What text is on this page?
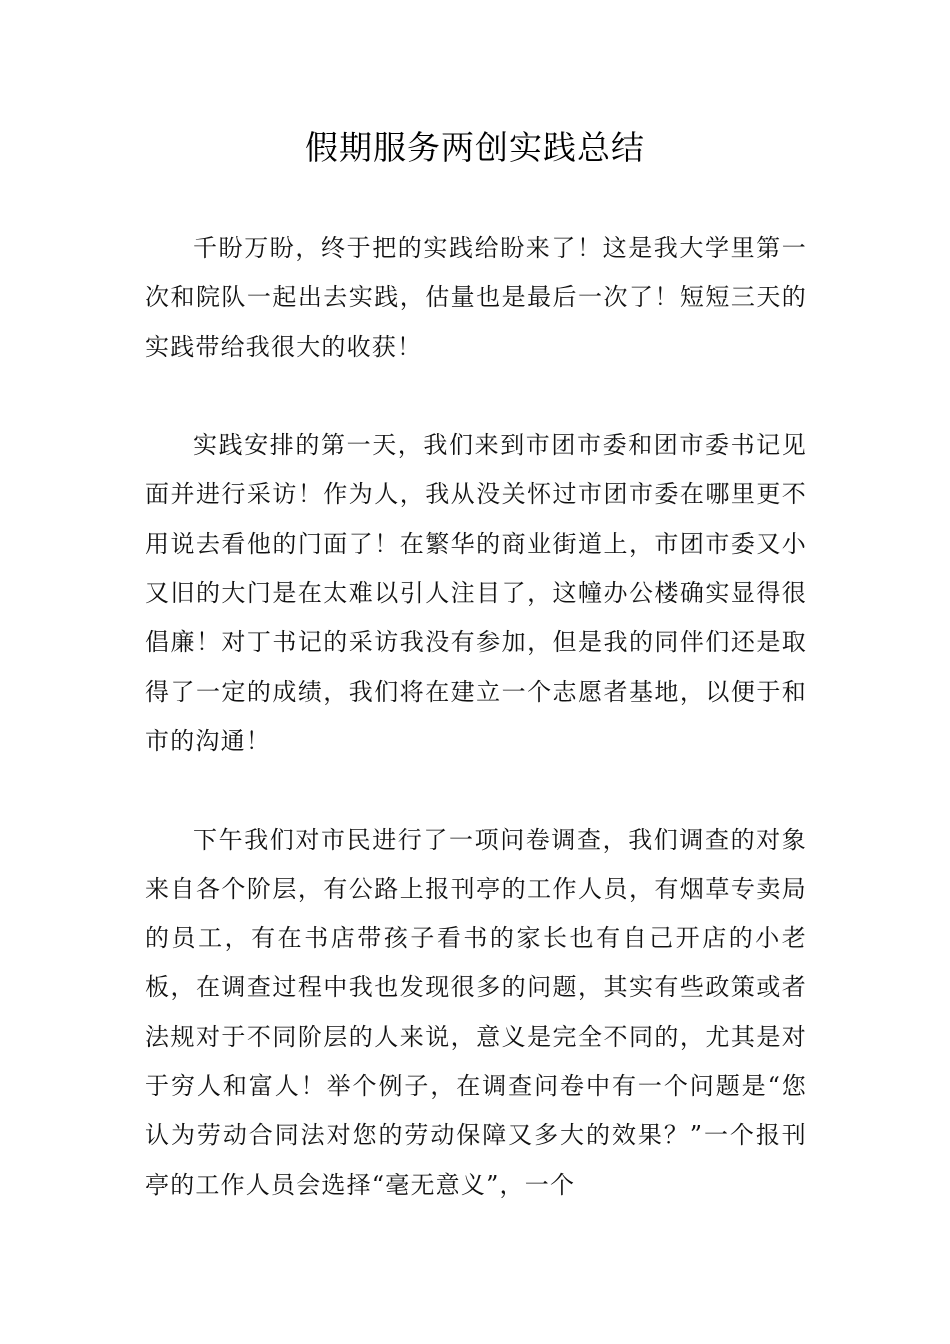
假期服务两创实践总结

千盼万盼，终于把的实践给盼来了！这是我大学里第一次和院队一起出去实践，估量也是最后一次了！短短三天的实践带给我很大的收获！

实践安排的第一天，我们来到市团市委和团市委书记见面并进行采访！作为人，我从没关怀过市团市委在哪里更不用说去看他的门面了！在繁华的商业街道上，市团市委又小又旧的大门是在太难以引人注目了，这幢办公楼确实显得很倡廉！对丁书记的采访我没有参加，但是我的同伴们还是取得了一定的成绩，我们将在建立一个志愿者基地，以便于和市的沟通！

下午我们对市民进行了一项问卷调查，我们调查的对象来自各个阶层，有公路上报刊亭的工作人员，有烟草专卖局的员工，有在书店带孩子看书的家长也有自己开店的小老板，在调查过程中我也发现很多的问题，其实有些政策或者法规对于不同阶层的人来说，意义是完全不同的，尤其是对于穷人和富人！举个例子，在调查问卷中有一个问题是“您认为劳动合同法对您的劳动保障又多大的效果？”一个报刊亭的工作人员会选择“毫无意义”，一个
